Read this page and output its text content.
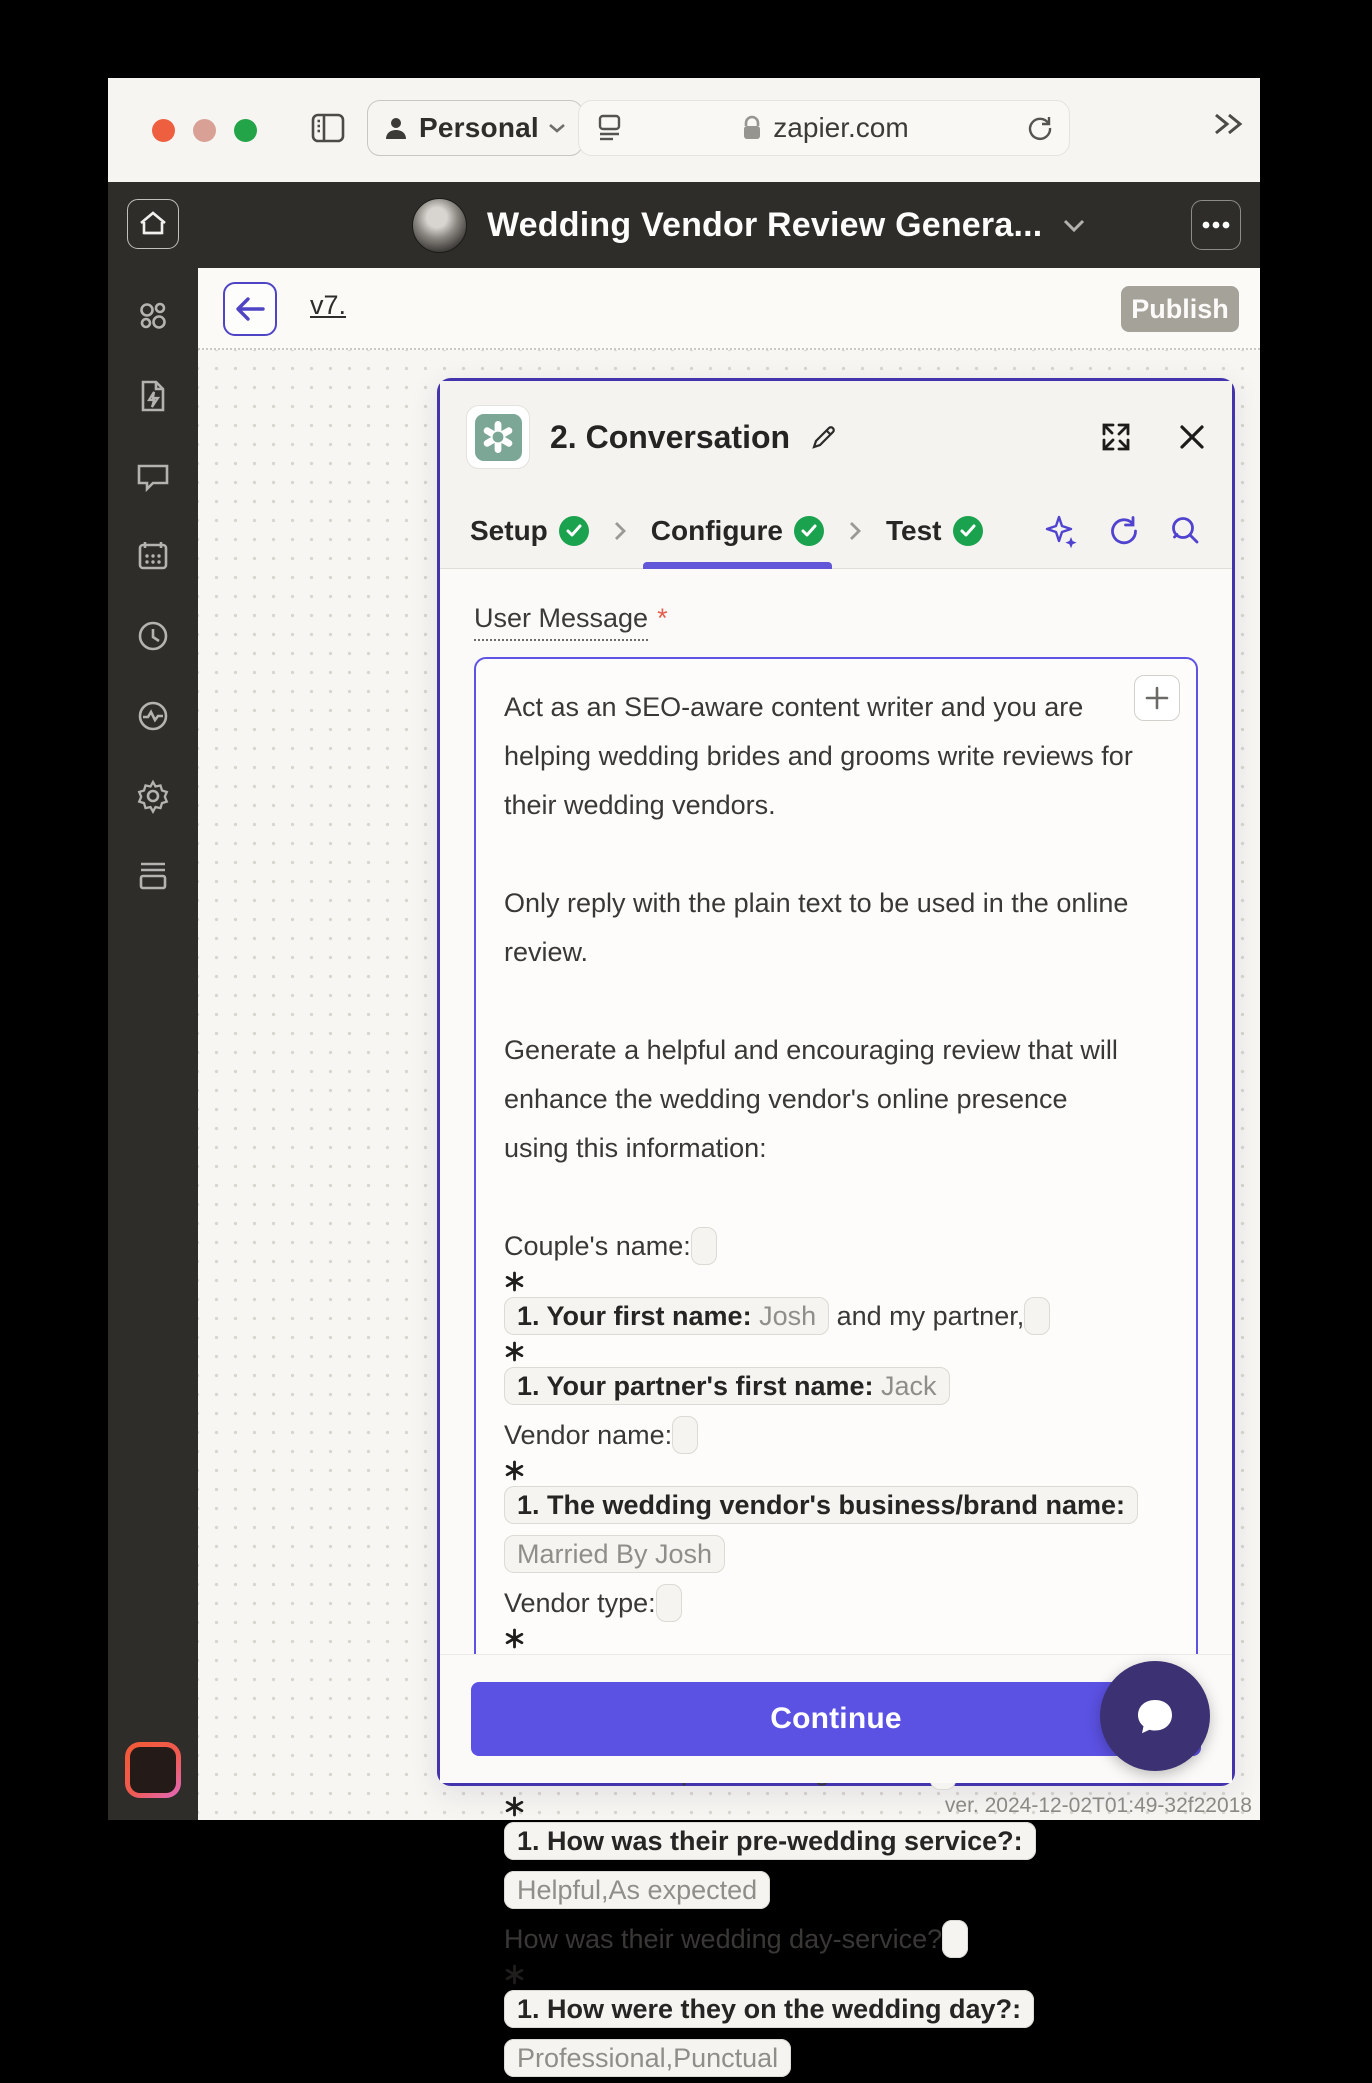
Personal	zapier.com
Wedding Vendor Review Genera...
v7.	Publish
2. Conversation
Setup	Configure	Test
User Message *
Act as an SEO-aware content writer and you are helping wedding brides and grooms write reviews for their wedding vendors.
Only reply with the plain text to be used in the online review.
Generate a helpful and encouraging review that will enhance the wedding vendor's online presence using this information:
Couple's name:
1. Your first name: Josh and my partner,
1. Your partner's first name: Jack
Vendor name:
1. The wedding vendor's business/brand name: Married By Josh
Vendor type:
1. How was their pre-wedding service?: Helpful,As expected
How was their wedding day-service?
1. How were they on the wedding day?: Professional,Punctual
Continue
ver. 2024-12-02T01:49-32f22018
